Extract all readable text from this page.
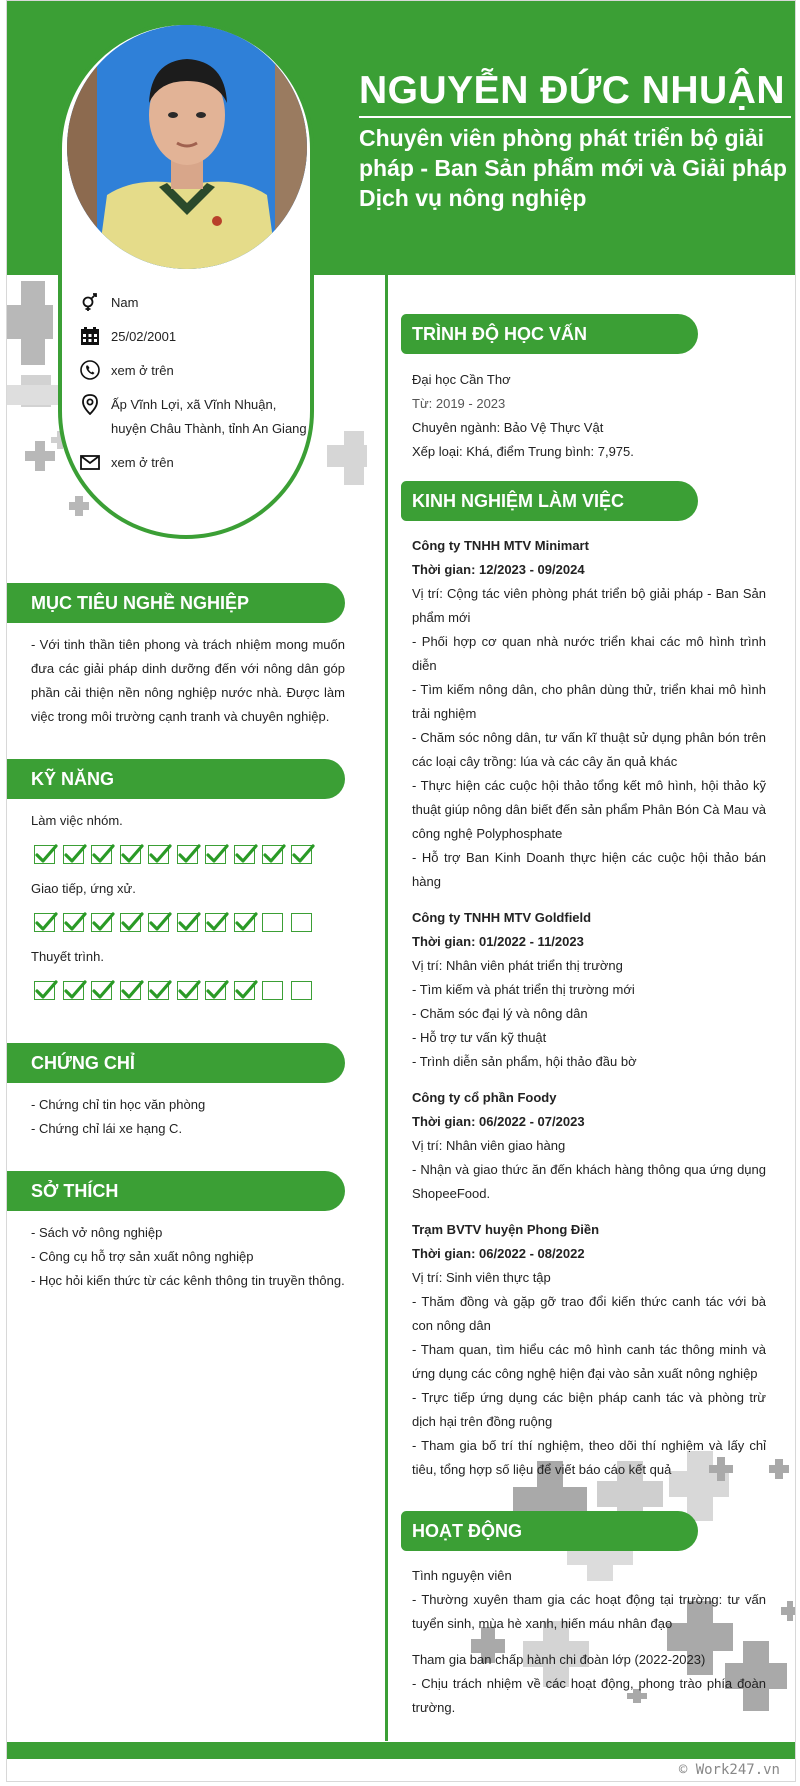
NGUYỄN ĐỨC NHUẬN
Chuyên viên phòng phát triển bộ giải pháp - Ban Sản phẩm mới và Giải pháp Dịch vụ nông nghiệp
Nam
25/02/2001
xem ở trên
Ấp Vĩnh Lợi, xã Vĩnh Nhuận,
huyện Châu Thành, tỉnh An Giang
xem ở trên
MỤC TIÊU NGHỀ NGHIỆP
- Với tinh thần tiên phong và trách nhiệm mong muốn đưa các giải pháp dinh dưỡng đến với nông dân góp phần cải thiện nền nông nghiệp nước nhà. Được làm việc trong môi trường cạnh tranh và chuyên nghiệp.
KỸ NĂNG
CHỨNG CHỈ

- Chứng chỉ tin học văn phòng

- Chứng chỉ lái xe hạng C.

SỞ THÍCH

- Sách vở nông nghiệp

- Công cụ hỗ trợ sản xuất nông nghiệp

- Học hỏi kiến thức từ các kênh thông tin truyền thông.

TRÌNH ĐỘ HỌC VẤN

Đại học Cần Thơ

Từ: 2019 - 2023

Chuyên ngành: Bảo Vệ Thực Vật

Xếp loại: Khá, điểm Trung bình: 7,975.

KINH NGHIỆM LÀM VIỆC

Công ty TNHH MTV Minimart

Thời gian: 12/2023 - 09/2024

Vị trí: Cộng tác viên phòng phát triển bộ giải pháp - Ban Sản phẩm mới

- Phối hợp cơ quan nhà nước triển khai các mô hình trình diễn

- Tìm kiếm nông dân, cho phân dùng thử, triển khai mô hình trải nghiệm

- Chăm sóc nông dân, tư vấn kĩ thuật sử dụng phân bón trên các loại cây trồng: lúa và các cây ăn quả khác

- Thực hiện các cuộc hội thảo tổng kết mô hình, hội thảo kỹ thuật giúp nông dân biết đến sản phẩm Phân Bón Cà Mau và công nghệ Polyphosphate

- Hỗ trợ Ban Kinh Doanh thực hiện các cuộc hội thảo bán hàng

Công ty TNHH MTV Goldfield

Thời gian: 01/2022 - 11/2023

Vị trí: Nhân viên phát triển thị trường

- Tìm kiếm và phát triển thị trường mới

- Chăm sóc đại lý và nông dân

- Hỗ trợ tư vấn kỹ thuật

- Trình diễn sản phẩm, hội thảo đầu bờ

Công ty cổ phần Foody

Thời gian: 06/2022 - 07/2023

Vị trí: Nhân viên giao hàng

- Nhận và giao thức ăn đến khách hàng thông qua ứng dụng ShopeeFood.

Trạm BVTV huyện Phong Điền

Thời gian: 06/2022 - 08/2022

Vị trí: Sinh viên thực tập

- Thăm đồng và gặp gỡ trao đổi kiến thức canh tác với bà con nông dân

- Tham quan, tìm hiểu các mô hình canh tác thông minh và ứng dụng các công nghệ hiện đại vào sản xuất nông nghiệp

- Trực tiếp ứng dụng các biện pháp canh tác và phòng trừ dịch hại trên đồng ruộng

- Tham gia bố trí thí nghiệm, theo dõi thí nghiệm và lấy chỉ tiêu, tổng hợp số liệu để viết báo cáo kết quả

HOẠT ĐỘNG

Tình nguyện viên

- Thường xuyên tham gia các hoạt động tại trường: tư vấn tuyển sinh, mùa hè xanh, hiến máu nhân đạo

Tham gia ban chấp hành chi đoàn lớp (2022-2023)

- Chịu trách nhiệm về các hoạt động, phong trào phía đoàn trường.

Làm việc nhóm.
Giao tiếp, ứng xử.
Thuyết trình.
© Work247.vn
